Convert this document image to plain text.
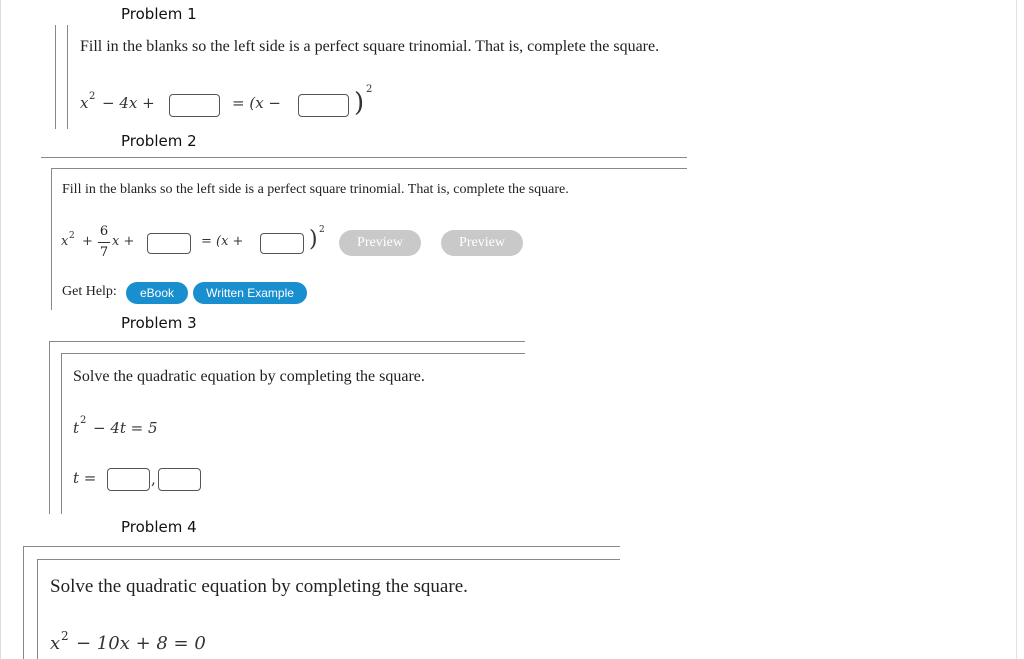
Problem 1
Fill in the blanks so the left side is a perfect square trinomial. That is, complete the square.
x 2 − 4x +	= (x −	) 2
Problem 2
Fill in the blanks so the left side is a perfect square trinomial. That is, complete the square.
x 2 +
6
7
x +	= (x +	) 2
Preview	Preview
Get Help:	eBook	Written Example
Problem 3
Solve the quadratic equation by completing the square.
t 2 − 4t = 5
t =	,
Problem 4
Solve the quadratic equation by completing the square.
x 2 − 10x + 8 = 0
